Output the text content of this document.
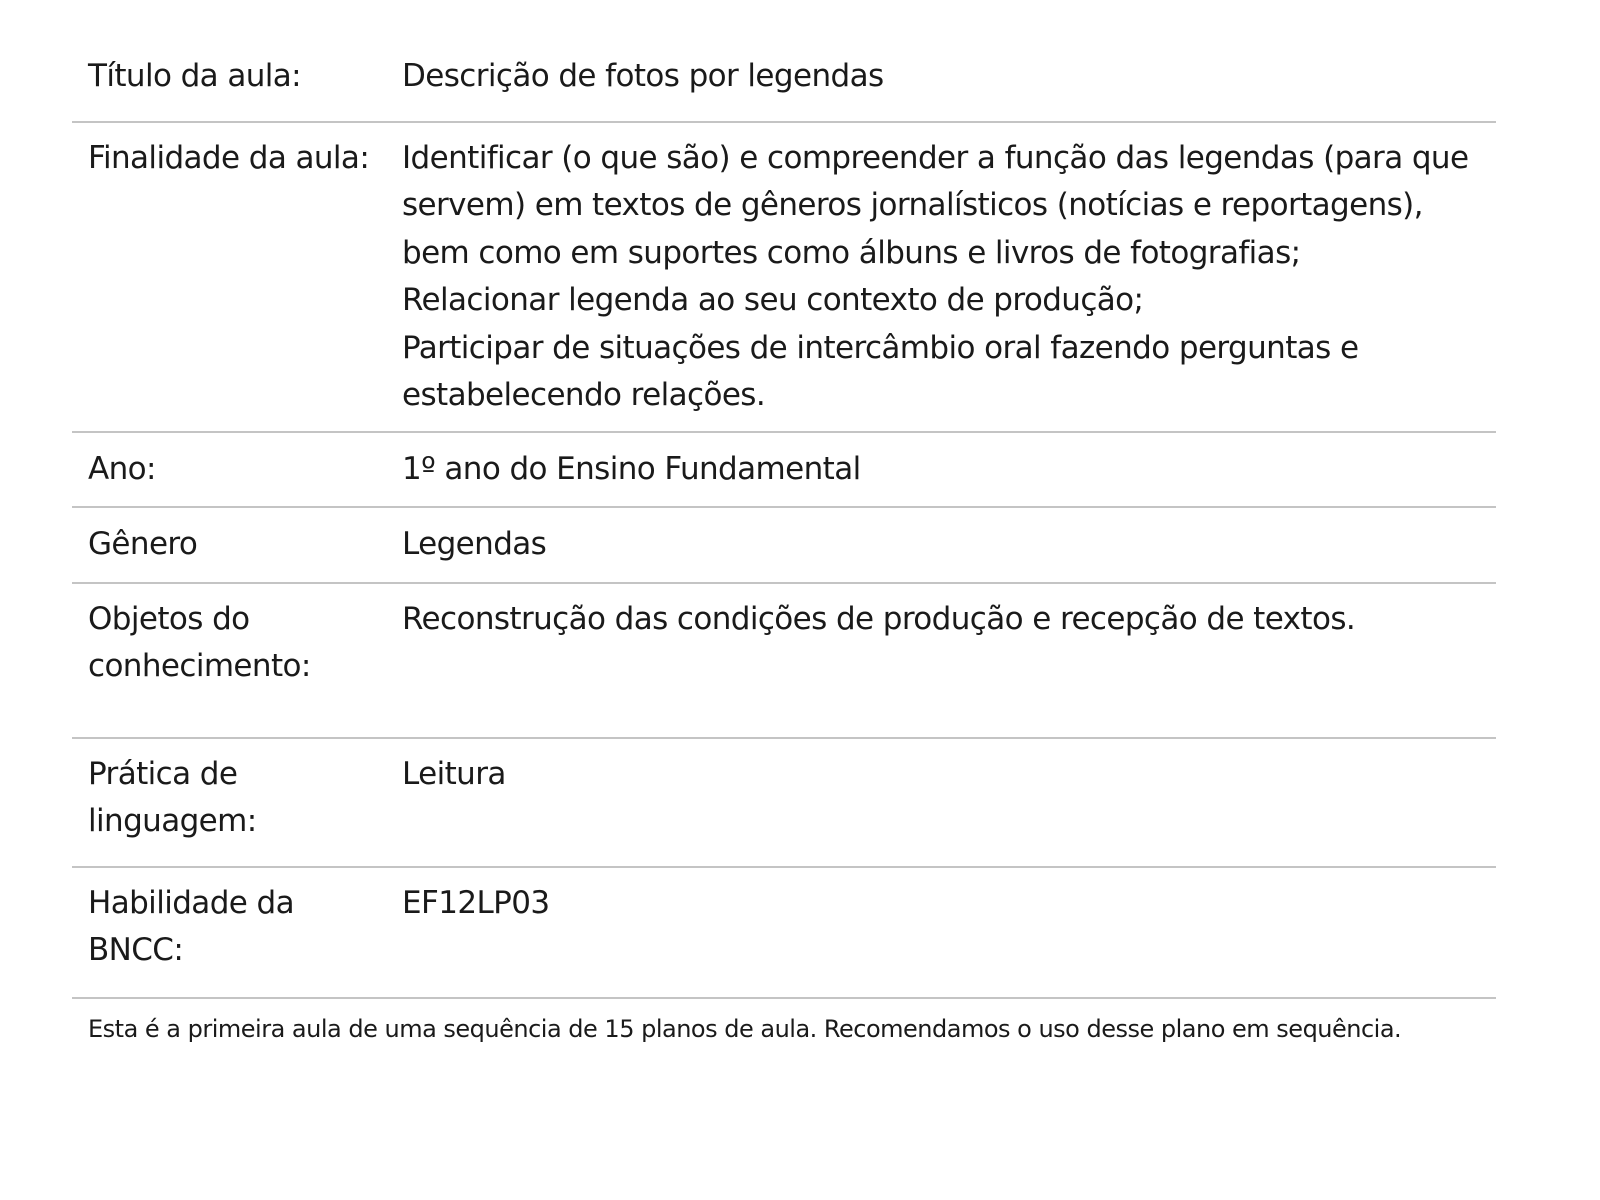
Título da aula:	Descrição de fotos por legendas

Finalidade da aula:	Identificar (o que são) e compreender a função das legendas (para que servem) em textos de gêneros jornalísticos (notícias e reportagens), bem como em suportes como álbuns e livros de fotografias;
Relacionar legenda ao seu contexto de produção;
Participar de situações de intercâmbio oral fazendo perguntas e estabelecendo relações.

Ano:	1º ano do Ensino Fundamental

Gênero	Legendas

Objetos do conhecimento:	Reconstrução das condições de produção e recepção de textos.

Prática de linguagem:	Leitura

Habilidade da BNCC:	EF12LP03
Esta é a primeira aula de uma sequência de 15 planos de aula. Recomendamos o uso desse plano em sequência.
